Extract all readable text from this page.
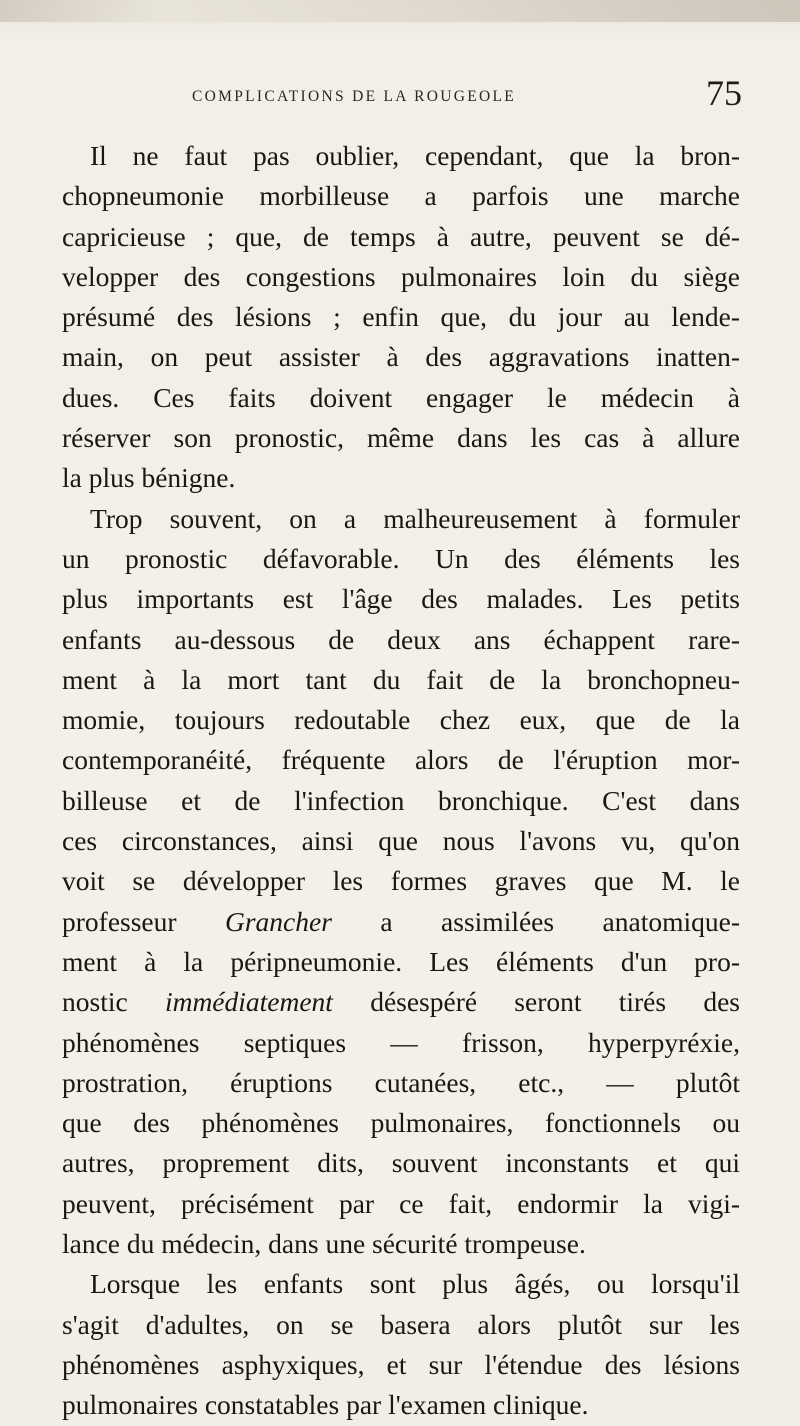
COMPLICATIONS DE LA ROUGEOLE	75
Il ne faut pas oublier, cependant, que la bron-
chopneumonie morbilleuse a parfois une marche
capricieuse ; que, de temps à autre, peuvent se dé-
velopper des congestions pulmonaires loin du siège
présumé des lésions ; enfin que, du jour au lende-
main, on peut assister à des aggravations inatten-
dues. Ces faits doivent engager le médecin à
réserver son pronostic, même dans les cas à allure
la plus bénigne.
Trop souvent, on a malheureusement à formuler
un pronostic défavorable. Un des éléments les
plus importants est l'âge des malades. Les petits
enfants au-dessous de deux ans échappent rare-
ment à la mort tant du fait de la bronchopneu-
momie, toujours redoutable chez eux, que de la
contemporanéité, fréquente alors de l'éruption mor-
billeuse et de l'infection bronchique. C'est dans
ces circonstances, ainsi que nous l'avons vu, qu'on
voit se développer les formes graves que M. le
professeur Grancher a assimilées anatomique-
ment à la péripneumonie. Les éléments d'un pro-
nostic immédiatement désespéré seront tirés des
phénomènes septiques — frisson, hyperpyréxie,
prostration, éruptions cutanées, etc., — plutôt
que des phénomènes pulmonaires, fonctionnels ou
autres, proprement dits, souvent inconstants et qui
peuvent, précisément par ce fait, endormir la vigi-
lance du médecin, dans une sécurité trompeuse.
Lorsque les enfants sont plus âgés, ou lorsqu'il
s'agit d'adultes, on se basera alors plutôt sur les
phénomènes asphyxiques, et sur l'étendue des lésions
pulmonaires constatables par l'examen clinique.
